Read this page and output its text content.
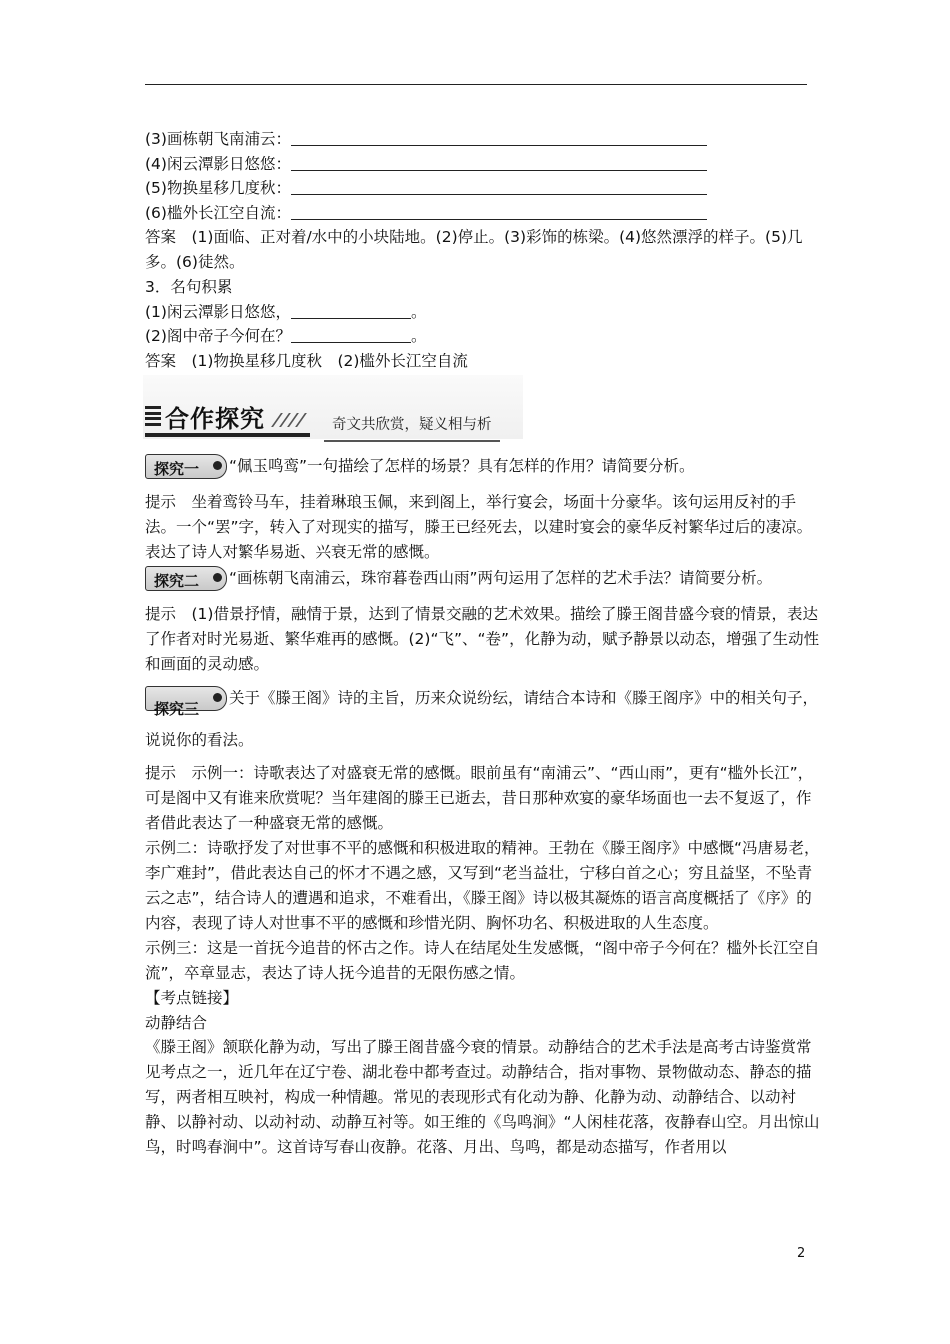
(3)画栋朝飞南浦云：
(4)闲云潭影日悠悠：
(5)物换星移几度秋：
(6)槛外长江空自流：
答案　(1)面临、正对着/水中的小块陆地。(2)停止。(3)彩饰的栋梁。(4)悠然漂浮的样子。(5)几多。(6)徒然。
3．名句积累
(1)闲云潭影日悠悠，	。
(2)阁中帝子今何在？	。
答案　(1)物换星移几度秋　(2)槛外长江空自流
合作探究	奇文共欣赏，疑义相与析
探究一 “佩玉鸣鸾”一句描绘了怎样的场景？具有怎样的作用？请简要分析。
提示　坐着鸾铃马车，挂着琳琅玉佩，来到阁上，举行宴会，场面十分豪华。该句运用反衬的手法。一个“罢”字，转入了对现实的描写，滕王已经死去，以建时宴会的豪华反衬繁华过后的凄凉。表达了诗人对繁华易逝、兴衰无常的感慨。
探究二 “画栋朝飞南浦云，珠帘暮卷西山雨”两句运用了怎样的艺术手法？请简要分析。
提示　(1)借景抒情，融情于景，达到了情景交融的艺术效果。描绘了滕王阁昔盛今衰的情景，表达了作者对时光易逝、繁华难再的感慨。(2)“飞”、“卷”，化静为动，赋予静景以动态，增强了生动性和画面的灵动感。
探究三
关于《滕王阁》诗的主旨，历来众说纷纭，请结合本诗和《滕王阁序》中的相关句子，说说你的看法。
提示　示例一：诗歌表达了对盛衰无常的感慨。眼前虽有“南浦云”、“西山雨”，更有“槛外长江”，可是阁中又有谁来欣赏呢？当年建阁的滕王已逝去，昔日那种欢宴的豪华场面也一去不复返了，作者借此表达了一种盛衰无常的感慨。
示例二：诗歌抒发了对世事不平的感慨和积极进取的精神。王勃在《滕王阁序》中感慨“冯唐易老，李广难封”，借此表达自己的怀才不遇之感，又写到“老当益壮，宁移白首之心；穷且益坚，不坠青云之志”，结合诗人的遭遇和追求，不难看出，《滕王阁》诗以极其凝炼的语言高度概括了《序》的内容，表现了诗人对世事不平的感慨和珍惜光阴、胸怀功名、积极进取的人生态度。
示例三：这是一首抚今追昔的怀古之作。诗人在结尾处生发感慨，“阁中帝子今何在？槛外长江空自流”，卒章显志，表达了诗人抚今追昔的无限伤感之情。
【考点链接】
动静结合
《滕王阁》颔联化静为动，写出了滕王阁昔盛今衰的情景。动静结合的艺术手法是高考古诗鉴赏常见考点之一，近几年在辽宁卷、湖北卷中都考查过。动静结合，指对事物、景物做动态、静态的描写，两者相互映衬，构成一种情趣。常见的表现形式有化动为静、化静为动、动静结合、以动衬静、以静衬动、以动衬动、动静互衬等。如王维的《鸟鸣涧》“人闲桂花落，夜静春山空。月出惊山鸟，时鸣春涧中”。这首诗写春山夜静。花落、月出、鸟鸣，都是动态描写，作者用以
2
